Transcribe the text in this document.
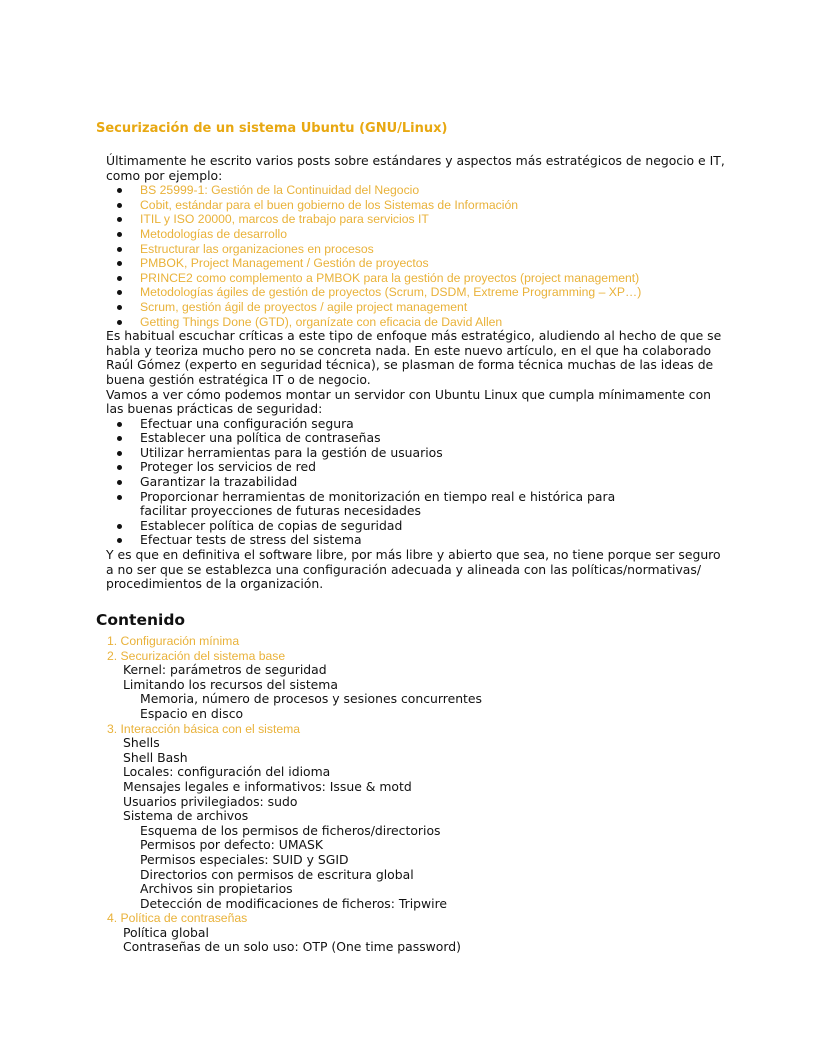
Securización de un sistema Ubuntu (GNU/Linux)

Últimamente he escrito varios posts sobre estándares y aspectos más estratégicos de negocio e IT, como por ejemplo:

BS 25999-1: Gestión de la Continuidad del Negocio
Cobit, estándar para el buen gobierno de los Sistemas de Información
ITIL y ISO 20000, marcos de trabajo para servicios IT
Metodologías de desarrollo
Estructurar las organizaciones en procesos
PMBOK, Project Management / Gestión de proyectos
PRINCE2 como complemento a PMBOK para la gestión de proyectos (project management)
Metodologías ágiles de gestión de proyectos (Scrum, DSDM, Extreme Programming – XP…)
Scrum, gestión ágil de proyectos / agile project management
Getting Things Done (GTD), organízate con eficacia de David Allen

Es habitual escuchar críticas a este tipo de enfoque más estratégico, aludiendo al hecho de que se habla y teoriza mucho pero no se concreta nada. En este nuevo artículo, en el que ha colaborado Raúl Gómez (experto en seguridad técnica), se plasman de forma técnica muchas de las ideas de buena gestión estratégica IT o de negocio.

Vamos a ver cómo podemos montar un servidor con Ubuntu Linux que cumpla mínimamente con las buenas prácticas de seguridad:

Efectuar una configuración segura
Establecer una política de contraseñas
Utilizar herramientas para la gestión de usuarios
Proteger los servicios de red
Garantizar la trazabilidad
Proporcionar herramientas de monitorización en tiempo real e histórica para facilitar proyecciones de futuras necesidades
Establecer política de copias de seguridad
Efectuar tests de stress del sistema

Y es que en definitiva el software libre, por más libre y abierto que sea, no tiene porque ser seguro a no ser que se establezca una configuración adecuada y alineada con las políticas/normativas/ procedimientos de la organización.

Contenido
1. Configuración mínima
2. Securización del sistema base
Kernel: parámetros de seguridad
Limitando los recursos del sistema
Memoria, número de procesos y sesiones concurrentes
Espacio en disco
3. Interacción básica con el sistema
Shells
Shell Bash
Locales: configuración del idioma
Mensajes legales e informativos: Issue & motd
Usuarios privilegiados: sudo
Sistema de archivos
Esquema de los permisos de ficheros/directorios
Permisos por defecto: UMASK
Permisos especiales: SUID y SGID
Directorios con permisos de escritura global
Archivos sin propietarios
Detección de modificaciones de ficheros: Tripwire
4. Política de contraseñas
Política global
Contraseñas de un solo uso: OTP (One time password)
